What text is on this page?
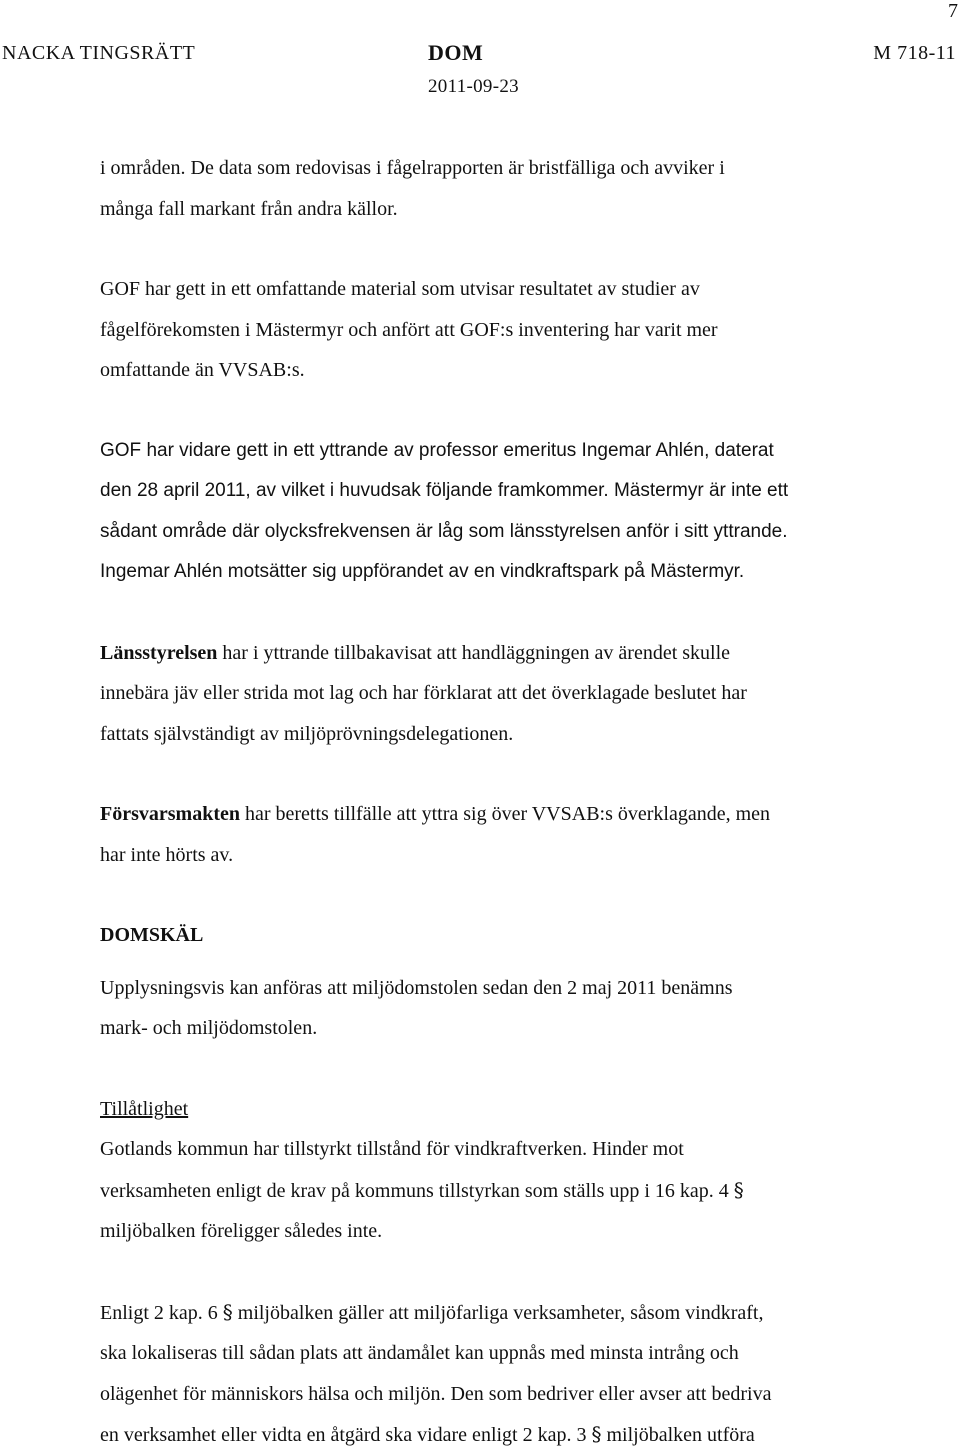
7
NACKA TINGSRÄTT	DOM
2011-09-23
M 718-11

i områden. De data som redovisas i fågelrapporten är bristfälliga och avviker i
många fall markant från andra källor.

GOF har gett in ett omfattande material som utvisar resultatet av studier av
fågelförekomsten i Mästermyr och anfört att GOF:s inventering har varit mer
omfattande än VVSAB:s.

GOF har vidare gett in ett yttrande av professor emeritus Ingemar Ahlén, daterat
den 28 april 2011, av vilket i huvudsak följande framkommer. Mästermyr är inte ett
sådant område där olycksfrekvensen är låg som länsstyrelsen anför i sitt yttrande.
Ingemar Ahlén motsätter sig uppförandet av en vindkraftspark på Mästermyr.

Länsstyrelsen har i yttrande tillbakavisat att handläggningen av ärendet skulle
innebära jäv eller strida mot lag och har förklarat att det överklagade beslutet har
fattats självständigt av miljöprövningsdelegationen.

Försvarsmakten har beretts tillfälle att yttra sig över VVSAB:s överklagande, men
har inte hörts av.

DOMSKÄL

Upplysningsvis kan anföras att miljödomstolen sedan den 2 maj 2011 benämns
mark- och miljödomstolen.

Tillåtlighet

Gotlands kommun har tillstyrkt tillstånd för vindkraftverken. Hinder mot
verksamheten enligt de krav på kommuns tillstyrkan som ställs upp i 16 kap. 4 §
miljöbalken föreligger således inte.

Enligt 2 kap. 6 § miljöbalken gäller att miljöfarliga verksamheter, såsom vindkraft,
ska lokaliseras till sådan plats att ändamålet kan uppnås med minsta intrång och
olägenhet för människors hälsa och miljön. Den som bedriver eller avser att bedriva
en verksamhet eller vidta en åtgärd ska vidare enligt 2 kap. 3 § miljöbalken utföra
